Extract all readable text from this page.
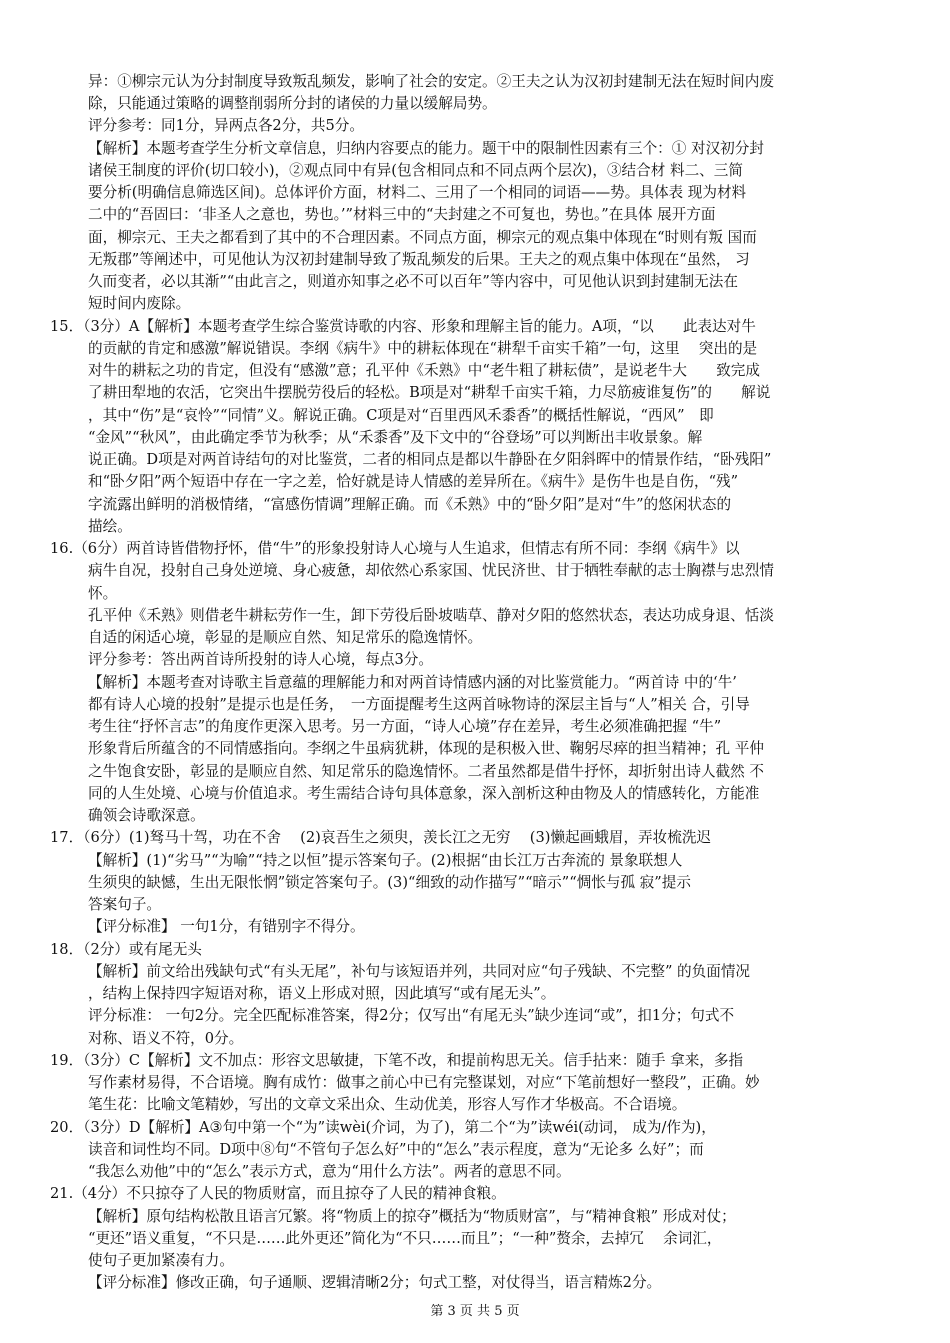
异：①柳宗元认为分封制度导致叛乱频发，影响了社会的安定。②王夫之认为汉初封建制无法在短时间内废
除，只能通过策略的调整削弱所分封的诸侯的力量以缓解局势。
评分参考：同1分，异两点各2分，共5分。
【解析】本题考查学生分析文章信息，归纳内容要点的能力。题干中的限制性因素有三个：① 对汉初分封
诸侯王制度的评价(切口较小)，②观点同中有异(包含相同点和不同点两个层次)，③结合材 料二、三简
要分析(明确信息筛选区间)。总体评价方面，材料二、三用了一个相同的词语——势。具体表 现为材料
二中的“吾固曰：‘非圣人之意也，势也。’”材料三中的“夫封建之不可复也，势也。”在具体 展开方面
面，柳宗元、王夫之都看到了其中的不合理因素。不同点方面，柳宗元的观点集中体现在“时则有叛 国而
无叛郡”等阐述中，可见他认为汉初封建制导致了叛乱频发的后果。王夫之的观点集中体现在“虽然， 习
久而变者，必以其渐”“由此言之，则道亦知事之必不可以百年”等内容中，可见他认识到封建制无法在
短时间内废除。
15．（3分）A【解析】本题考查学生综合鉴赏诗歌的内容、形象和理解主旨的能力。A项，“以　　此表达对牛
的贡献的肯定和感激”解说错误。李纲《病牛》中的耕耘体现在“耕犁千亩实千箱”一句，这里　 突出的是
对牛的耕耘之功的肯定，但没有“感激”意；孔平仲《禾熟》中“老牛粗了耕耘债”，是说老牛大　　致完成
了耕田犁地的农活，它突出牛摆脱劳役后的轻松。B项是对“耕犁千亩实千箱，力尽筋疲谁复伤”的　　解说
，其中“伤”是“哀怜”“同情”义。解说正确。C项是对“百里西风禾黍香”的概括性解说，“西风”　即
“金风”“秋风”，由此确定季节为秋季；从“禾黍香”及下文中的“谷登场”可以判断出丰收景象。解
说正确。D项是对两首诗结句的对比鉴赏，二者的相同点是都以牛静卧在夕阳斜晖中的情景作结，“卧残阳”
和“卧夕阳”两个短语中存在一字之差，恰好就是诗人情感的差异所在。《病牛》是伤牛也是自伤，“残”
字流露出鲜明的消极情绪，“富感伤情调”理解正确。而《禾熟》中的“卧夕阳”是对“牛”的悠闲状态的
描绘。
16.（6分）两首诗皆借物抒怀，借“牛”的形象投射诗人心境与人生追求，但情志有所不同：李纲《病牛》以
病牛自况，投射自己身处逆境、身心疲惫，却依然心系家国、忧民济世、甘于牺牲奉献的志士胸襟与忠烈情
怀。
孔平仲《禾熟》则借老牛耕耘劳作一生，卸下劳役后卧坡啮草、静对夕阳的悠然状态，表达功成身退、恬淡
自适的闲适心境，彰显的是顺应自然、知足常乐的隐逸情怀。
评分参考：答出两首诗所投射的诗人心境，每点3分。
【解析】本题考查对诗歌主旨意蕴的理解能力和对两首诗情感内涵的对比鉴赏能力。“两首诗 中的‘牛’
都有诗人心境的投射”是提示也是任务，　一方面提醒考生这两首咏物诗的深层主旨与“人”相关 合，引导
考生往“抒怀言志”的角度作更深入思考。另一方面，“诗人心境”存在差异，考生必须准确把握 “牛”
形象背后所蕴含的不同情感指向。李纲之牛虽病犹耕，体现的是积极入世、鞠躬尽瘁的担当精神；孔 平仲
之牛饱食安卧，彰显的是顺应自然、知足常乐的隐逸情怀。二者虽然都是借牛抒怀，却折射出诗人截然 不
同的人生处境、心境与价值追求。考生需结合诗句具体意象，深入剖析这种由物及人的情感转化，方能准
确领会诗歌深意。
17．（6分）(1)驽马十驾，功在不舍　 (2)哀吾生之须臾，羡长江之无穷　 (3)懒起画蛾眉，弄妆梳洗迟
【解析】(1)“劣马”“为喻”“持之以恒”提示答案句子。(2)根据“由长江万古奔流的 景象联想人
生须臾的缺憾，生出无限怅惘”锁定答案句子。(3)“细致的动作描写”“暗示”“惆怅与孤 寂”提示
答案句子。
【评分标准】 一句1分，有错别字不得分。
18．（2分）或有尾无头
【解析】前文给出残缺句式“有头无尾”，补句与该短语并列，共同对应“句子残缺、不完整” 的负面情况
，结构上保持四字短语对称，语义上形成对照，因此填写“或有尾无头”。
评分标准： 一句2分。完全匹配标准答案，得2分；仅写出“有尾无头”缺少连词“或”，扣1分；句式不
对称、语义不符，0分。
19．（3分）C【解析】文不加点：形容文思敏捷，下笔不改，和提前构思无关。信手拈来：随手 拿来，多指
写作素材易得，不合语境。胸有成竹：做事之前心中已有完整谋划，对应“下笔前想好一整段”，正确。妙
笔生花：比喻文笔精妙，写出的文章文采出众、生动优美，形容人写作才华极高。不合语境。
20．（3分）D【解析】A③句中第一个“为”读wèi(介词，为了)，第二个“为”读wéi(动词， 成为/作为)，
读音和词性均不同。D项中⑧句“不管句子怎么好”中的“怎么”表示程度，意为“无论多 么好”；而
“我怎么劝他”中的“怎么”表示方式，意为“用什么方法”。两者的意思不同。
21.（4分）不只掠夺了人民的物质财富，而且掠夺了人民的精神食粮。
【解析】原句结构松散且语言冗繁。将“物质上的掠夺”概括为“物质财富”，与“精神食粮” 形成对仗；
“更还”语义重复，“不只是……此外更还”简化为“不只……而且”；“一种”赘余，去掉冗　 余词汇，
使句子更加紧凑有力。
【评分标准】修改正确，句子通顺、逻辑清晰2分；句式工整，对仗得当，语言精炼2分。
第 3 页 共 5 页
